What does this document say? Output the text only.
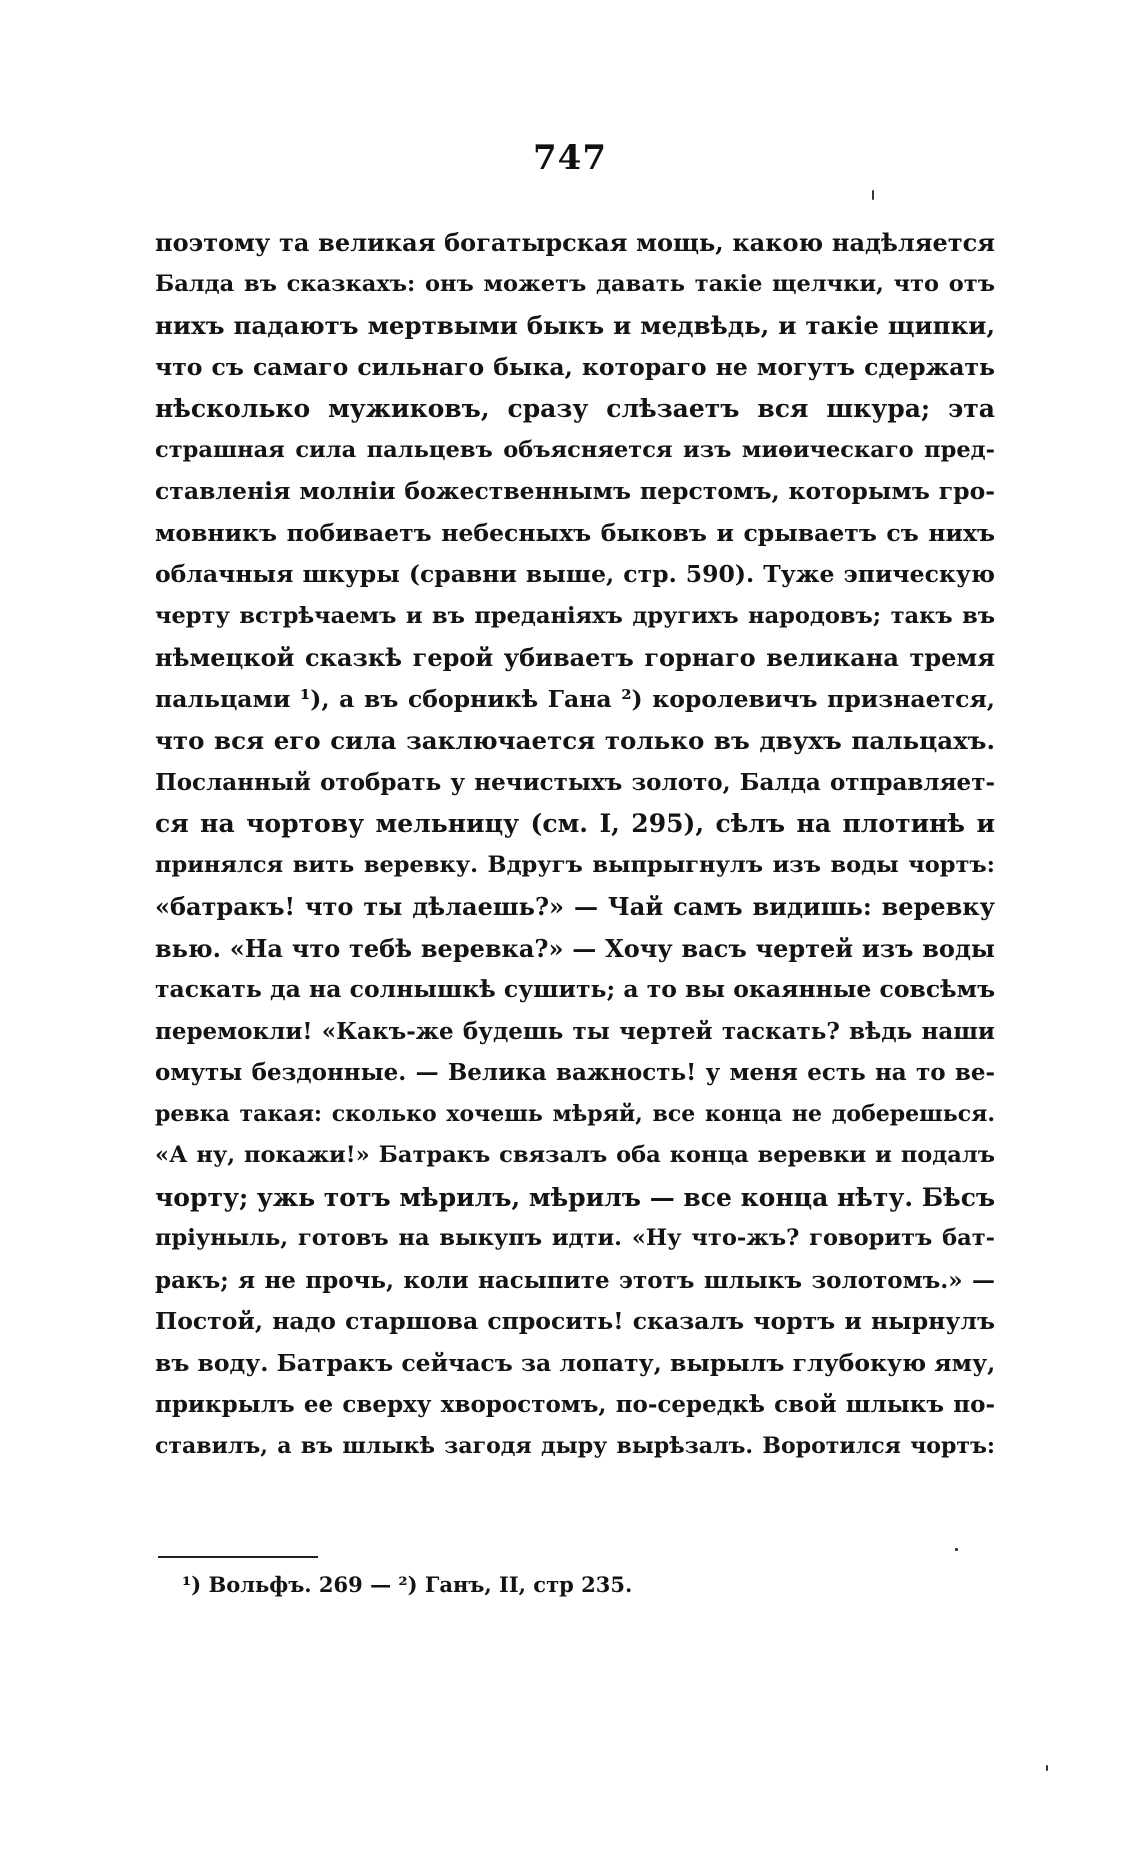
747
поэтому та великая богатырская мощь, какою надѣляется
Балда въ сказкахъ: онъ можетъ давать такіе щелчки, что отъ
нихъ падаютъ мертвыми быкъ и медвѣдь, и такіе щипки,
что съ самаго сильнаго быка, котораго не могутъ сдержать
нѣсколько мужиковъ, сразу слѣзаетъ вся шкура; эта
страшная сила пальцевъ объясняется изъ миѳическаго пред-
ставленія молніи божественнымъ перстомъ, которымъ гро-
мовникъ побиваетъ небесныхъ быковъ и срываетъ съ нихъ
облачныя шкуры (сравни выше, стр. 590). Туже эпическую
черту встрѣчаемъ и въ преданіяхъ другихъ народовъ; такъ въ
нѣмецкой сказкѣ герой убиваетъ горнаго великана тремя
пальцами ¹), а въ сборникѣ Гана ²) королевичъ признается,
что вся его сила заключается только въ двухъ пальцахъ.
Посланный отобрать у нечистыхъ золото, Балда отправляет-
ся на чортову мельницу (см. I, 295), сѣлъ на плотинѣ и
принялся вить веревку. Вдругъ выпрыгнулъ изъ воды чортъ:
«батракъ! что ты дѣлаешь?» — Чай самъ видишь: веревку
вью. «На что тебѣ веревка?» — Хочу васъ чертей изъ воды
таскать да на солнышкѣ сушить; а то вы окаянные совсѣмъ
перемокли! «Какъ-же будешь ты чертей таскать? вѣдь наши
омуты бездонные. — Велика важность! у меня есть на то ве-
ревка такая: сколько хочешь мѣряй, все конца не доберешься.
«А ну, покажи!» Батракъ связалъ оба конца веревки и подалъ
чорту; ужь тотъ мѣрилъ, мѣрилъ — все конца нѣту. Бѣсъ
пріуныль, готовъ на выкупъ идти. «Ну что-жъ? говоритъ бат-
ракъ; я не прочь, коли насыпите этотъ шлыкъ золотомъ.» —
Постой, надо старшова спросить! сказалъ чортъ и нырнулъ
въ воду. Батракъ сейчасъ за лопату, вырылъ глубокую яму,
прикрылъ ее сверху хворостомъ, по-середкѣ свой шлыкъ по-
ставилъ, а въ шлыкѣ загодя дыру вырѣзалъ. Воротился чортъ:
¹) Вольфъ. 269 — ²) Ганъ, II, стр 235.
